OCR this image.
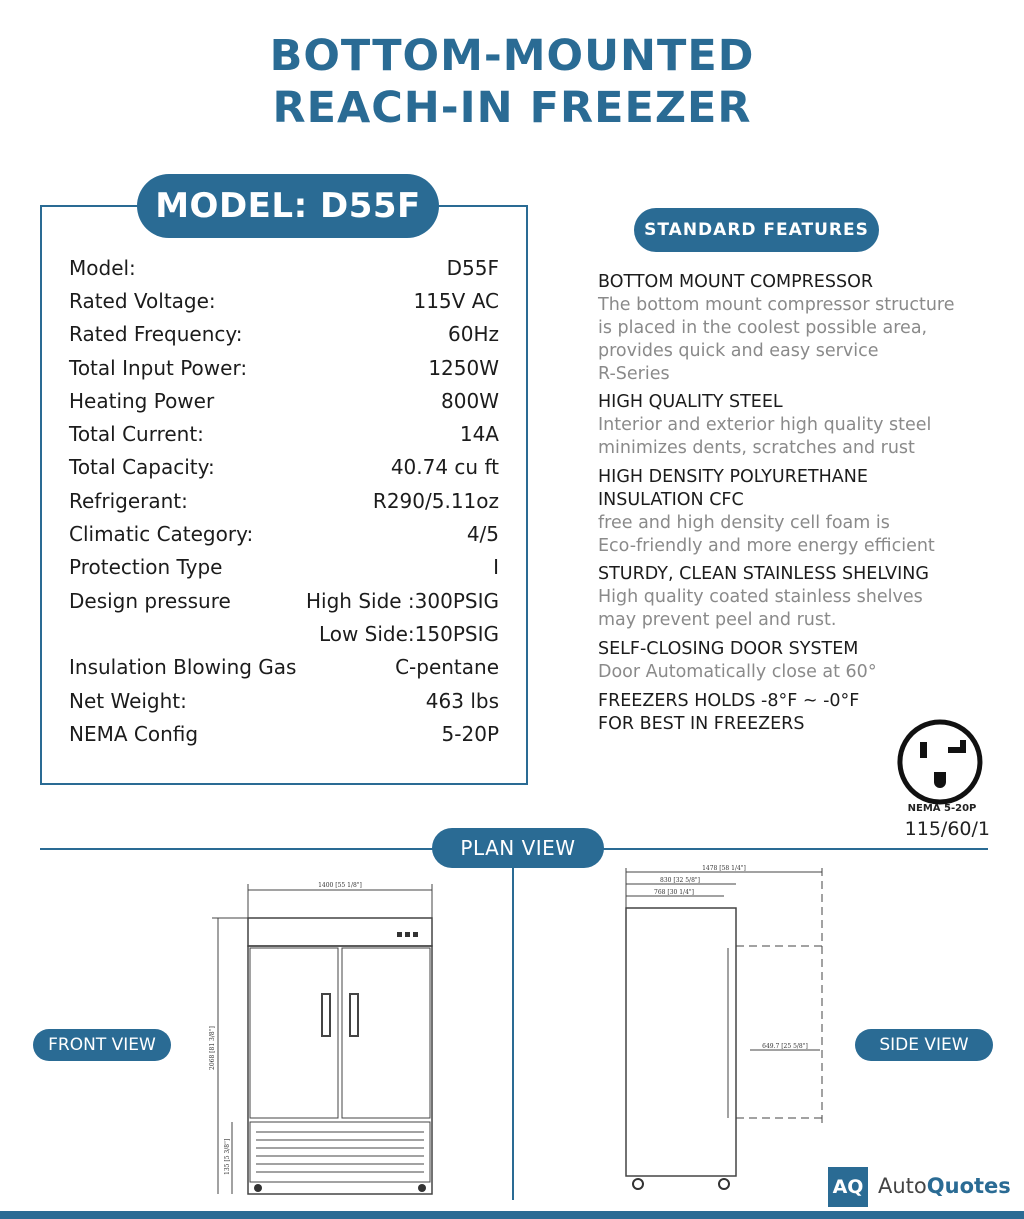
BOTTOM-MOUNTED
REACH-IN FREEZER
MODEL: D55F
Model:	D55F
Rated Voltage:	115V AC
Rated Frequency:	60Hz
Total Input Power:	1250W
Heating Power	800W
Total Current:	14A
Total Capacity:	40.74 cu ft
Refrigerant:	R290/5.11oz
Climatic Category:	4/5
Protection Type	I
Design pressure	High Side :300PSIG
Low Side:150PSIG
Insulation Blowing Gas	C-pentane
Net Weight:	463 lbs
NEMA Config	5-20P
STANDARD FEATURES
BOTTOM MOUNT COMPRESSOR
The bottom mount compressor structure
is placed in the coolest possible area,
provides quick and easy service
R-Series
HIGH QUALITY STEEL
Interior and exterior high quality steel
minimizes dents, scratches and rust
HIGH DENSITY POLYURETHANE
INSULATION CFC
free and high density cell foam is
Eco-friendly and more energy efficient
STURDY, CLEAN STAINLESS SHELVING
High quality coated stainless shelves
may prevent peel and rust.
SELF-CLOSING DOOR SYSTEM
Door Automatically close at 60°
FREEZERS HOLDS -8°F ~ -0°F
FOR BEST IN FREEZERS
NEMA 5-20P
115/60/1
PLAN VIEW
1400 [55 1/8"]
2068 [81 3/8"]
135 [5 3/8"]
FRONT VIEW
1478 [58 1/4"]
830 [32 5/8"]
768 [30 1/4"]
649.7 [25 5/8"]	SIDE VIEW
AQ AutoQuotes
